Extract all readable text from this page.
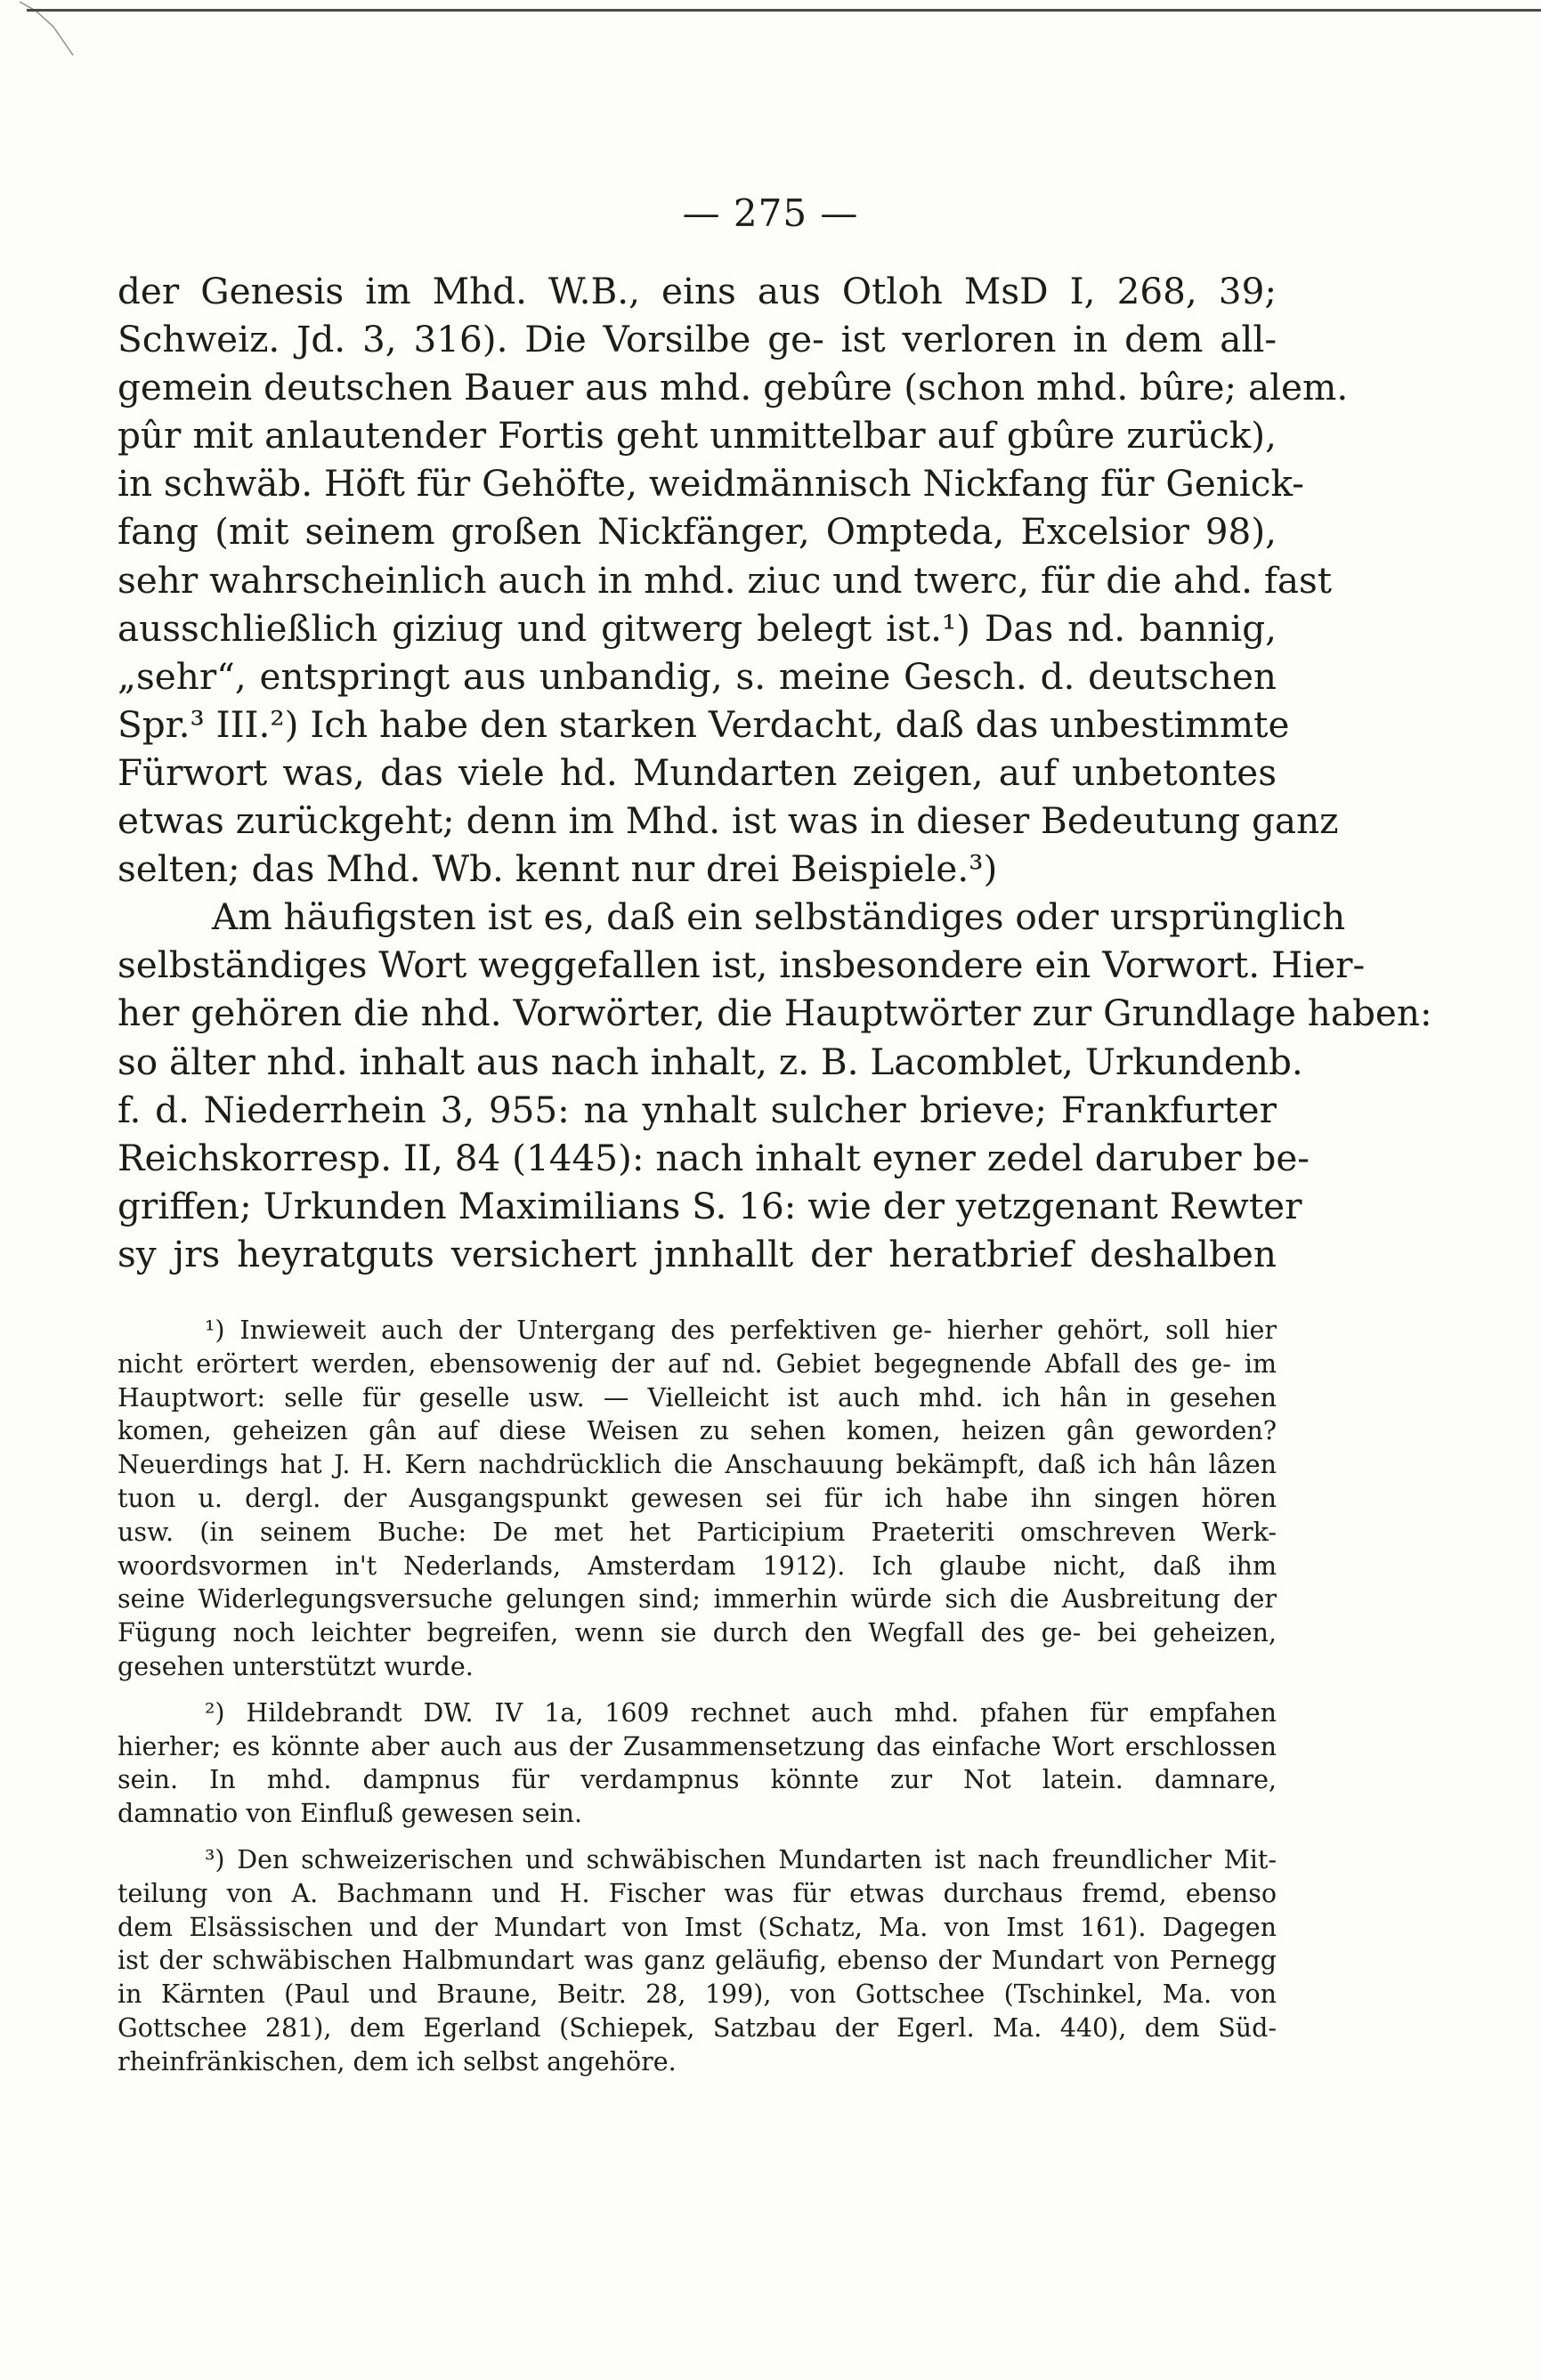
— 275 —
der Genesis im Mhd. W.B., eins aus Otloh MsD I, 268, 39;
Schweiz. Jd. 3, 316). Die Vorsilbe ge- ist verloren in dem all-
gemein deutschen Bauer aus mhd. gebûre (schon mhd. bûre; alem.
pûr mit anlautender Fortis geht unmittelbar auf gbûre zurück),
in schwäb. Höft für Gehöfte, weidmännisch Nickfang für Genick-
fang (mit seinem großen Nickfänger, Ompteda, Excelsior 98),
sehr wahrscheinlich auch in mhd. ziuc und twerc, für die ahd. fast
ausschließlich giziug und gitwerg belegt ist.¹) Das nd. bannig,
„sehr“, entspringt aus unbandig, s. meine Gesch. d. deutschen
Spr.³ III.²) Ich habe den starken Verdacht, daß das unbestimmte
Fürwort was, das viele hd. Mundarten zeigen, auf unbetontes
etwas zurückgeht; denn im Mhd. ist was in dieser Bedeutung ganz
selten; das Mhd. Wb. kennt nur drei Beispiele.³)
Am häufigsten ist es, daß ein selbständiges oder ursprünglich
selbständiges Wort weggefallen ist, insbesondere ein Vorwort. Hier-
her gehören die nhd. Vorwörter, die Hauptwörter zur Grundlage haben:
so älter nhd. inhalt aus nach inhalt, z. B. Lacomblet, Urkundenb.
f. d. Niederrhein 3, 955: na ynhalt sulcher brieve; Frankfurter
Reichskorresp. II, 84 (1445): nach inhalt eyner zedel daruber be-
griffen; Urkunden Maximilians S. 16: wie der yetzgenant Rewter
sy jrs heyratguts versichert jnnhallt der heratbrief deshalben
¹) Inwieweit auch der Untergang des perfektiven ge- hierher gehört, soll hier
nicht erörtert werden, ebensowenig der auf nd. Gebiet begegnende Abfall des ge- im
Hauptwort: selle für geselle usw. — Vielleicht ist auch mhd. ich hân in gesehen
komen, geheizen gân auf diese Weisen zu sehen komen, heizen gân geworden?
Neuerdings hat J. H. Kern nachdrücklich die Anschauung bekämpft, daß ich hân lâzen
tuon u. dergl. der Ausgangspunkt gewesen sei für ich habe ihn singen hören
usw. (in seinem Buche: De met het Participium Praeteriti omschreven Werk-
woordsvormen in't Nederlands, Amsterdam 1912). Ich glaube nicht, daß ihm
seine Widerlegungsversuche gelungen sind; immerhin würde sich die Ausbreitung der
Fügung noch leichter begreifen, wenn sie durch den Wegfall des ge- bei geheizen,
gesehen unterstützt wurde.
²) Hildebrandt DW. IV 1a, 1609 rechnet auch mhd. pfahen für empfahen
hierher; es könnte aber auch aus der Zusammensetzung das einfache Wort erschlossen
sein. In mhd. dampnus für verdampnus könnte zur Not latein. damnare,
damnatio von Einfluß gewesen sein.
³) Den schweizerischen und schwäbischen Mundarten ist nach freundlicher Mit-
teilung von A. Bachmann und H. Fischer was für etwas durchaus fremd, ebenso
dem Elsässischen und der Mundart von Imst (Schatz, Ma. von Imst 161). Dagegen
ist der schwäbischen Halbmundart was ganz geläufig, ebenso der Mundart von Pernegg
in Kärnten (Paul und Braune, Beitr. 28, 199), von Gottschee (Tschinkel, Ma. von
Gottschee 281), dem Egerland (Schiepek, Satzbau der Egerl. Ma. 440), dem Süd-
rheinfränkischen, dem ich selbst angehöre.
